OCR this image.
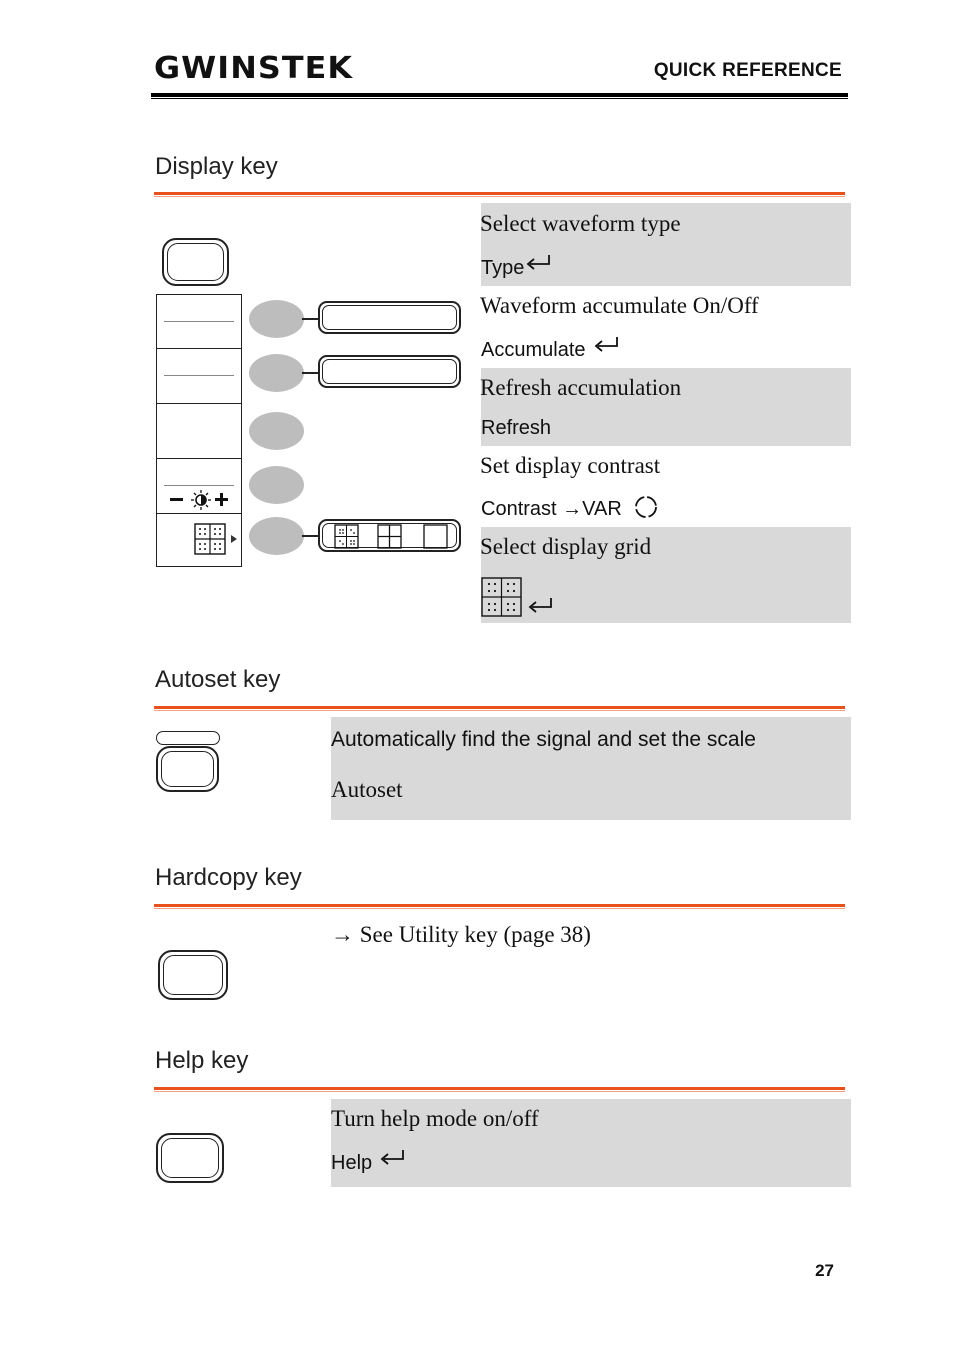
GWINSTEK	QUICK REFERENCE
Display key
Select waveform type
Type
Waveform accumulate On/Off
Accumulate
Refresh accumulation
Refresh
Set display contrast
Contrast →VAR
Select display grid
Autoset key
Automatically find the signal and set the scale
Autoset
Hardcopy key
→ See Utility key (page 38)
Help key
Turn help mode on/off
Help
27
